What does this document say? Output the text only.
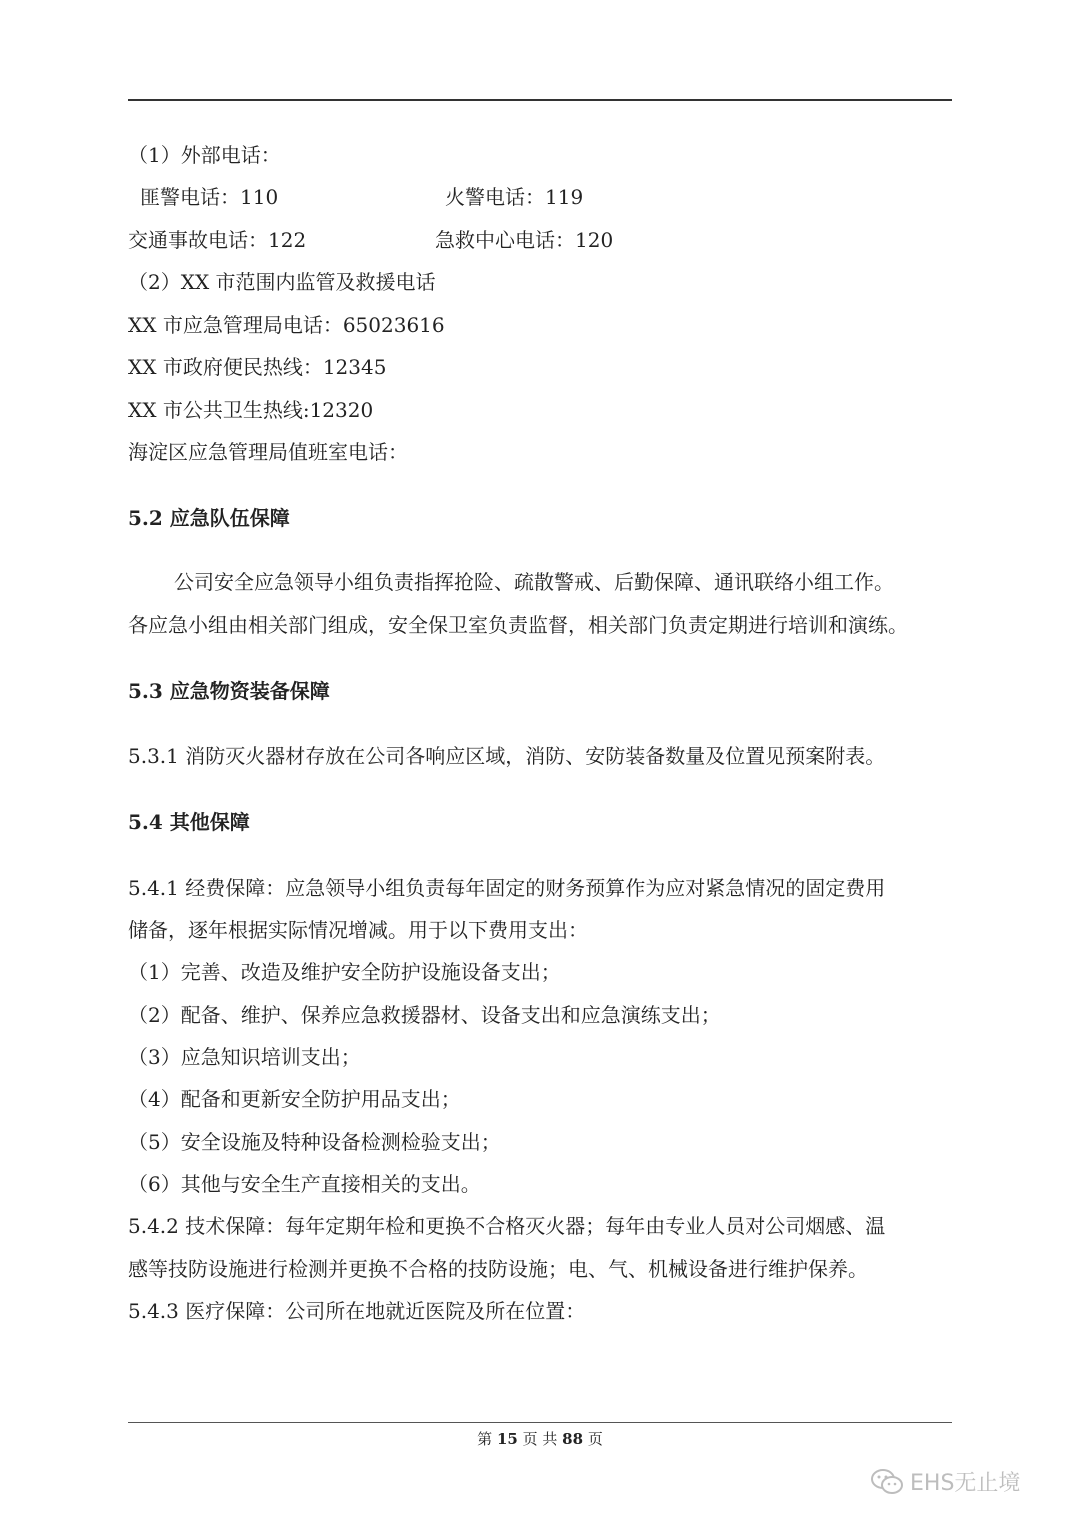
（1）外部电话：
匪警电话：110	火警电话：119
交通事故电话：122	急救中心电话：120
（2）XX 市范围内监管及救援电话
XX 市应急管理局电话：65023616
XX 市政府便民热线：12345
XX 市公共卫生热线:12320
海淀区应急管理局值班室电话：
5.2 应急队伍保障
公司安全应急领导小组负责指挥抢险、疏散警戒、后勤保障、通讯联络小组工作。
各应急小组由相关部门组成，安全保卫室负责监督，相关部门负责定期进行培训和演练。
5.3 应急物资装备保障
5.3.1 消防灭火器材存放在公司各响应区域，消防、安防装备数量及位置见预案附表。
5.4 其他保障
5.4.1 经费保障：应急领导小组负责每年固定的财务预算作为应对紧急情况的固定费用
储备，逐年根据实际情况增减。用于以下费用支出：
（1）完善、改造及维护安全防护设施设备支出；
（2）配备、维护、保养应急救援器材、设备支出和应急演练支出；
（3）应急知识培训支出；
（4）配备和更新安全防护用品支出；
（5）安全设施及特种设备检测检验支出；
（6）其他与安全生产直接相关的支出。
5.4.2 技术保障：每年定期年检和更换不合格灭火器；每年由专业人员对公司烟感、温
感等技防设施进行检测并更换不合格的技防设施；电、气、机械设备进行维护保养。
5.4.3 医疗保障：公司所在地就近医院及所在位置：
第 15 页 共 88 页
EHS无止境
